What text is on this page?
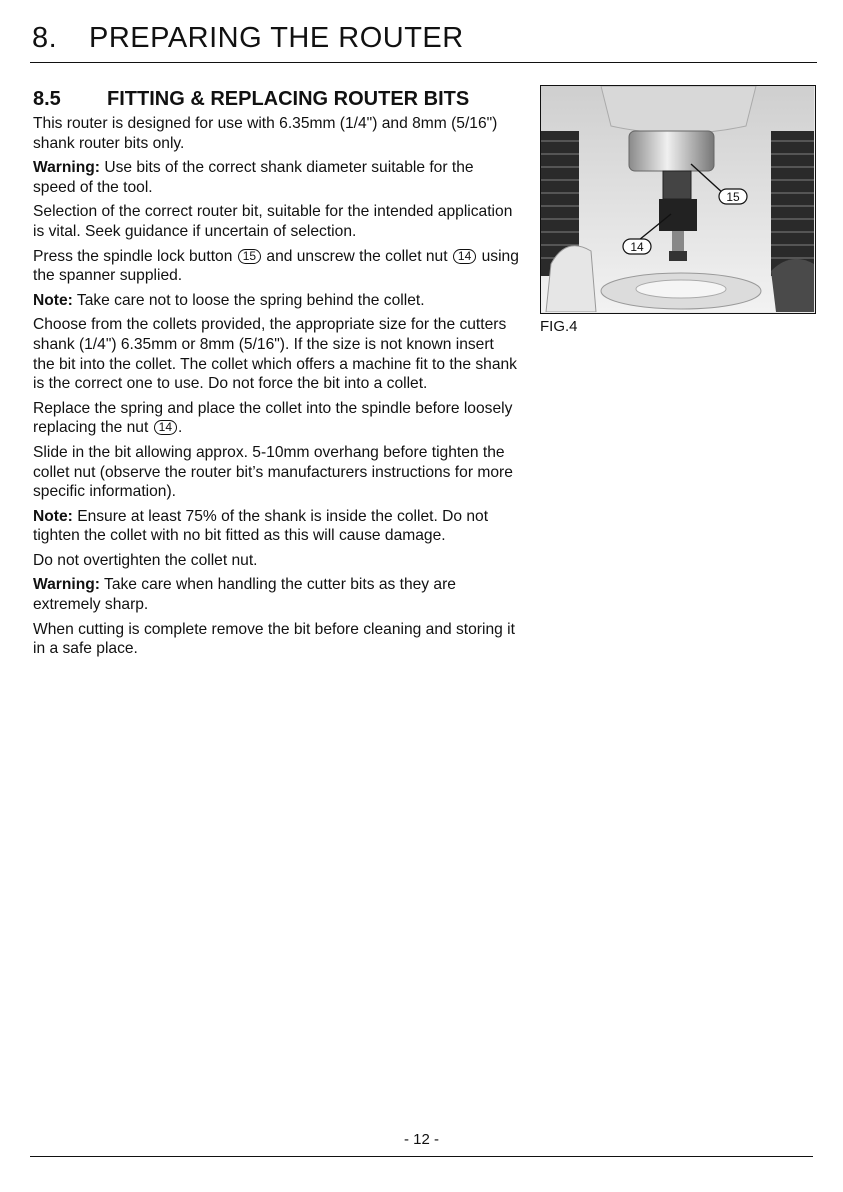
8. PREPARING THE ROUTER
8.5 FITTING & REPLACING ROUTER BITS

This router is designed for use with 6.35mm (1/4") and 8mm (5/16") shank router bits only.

Warning: Use bits of the correct shank diameter suitable for the speed of the tool.

Selection of the correct router bit, suitable for the intended application is vital. Seek guidance if uncertain of selection.

Press the spindle lock button 15 and unscrew the collet nut 14 using the spanner supplied.

Note: Take care not to loose the spring behind the collet.

Choose from the collets provided, the appropriate size for the cutters shank (1/4") 6.35mm or 8mm (5/16"). If the size is not known insert the bit into the collet. The collet which offers a machine fit to the shank is the correct one to use. Do not force the bit into a collet.

Replace the spring and place the collet into the spindle before loosely replacing the nut 14 .

Slide in the bit allowing approx. 5-10mm overhang before tighten the collet nut (observe the router bit’s manufacturers instructions for more specific information).

Note: Ensure at least 75% of the shank is inside the collet. Do not tighten the collet with no bit fitted as this will cause damage.

Do not overtighten the collet nut.

Warning: Take care when handling the cutter bits as they are extremely sharp.

When cutting is complete remove the bit before cleaning and storing it in a safe place.

15
14
FIG.4
- 12 -
